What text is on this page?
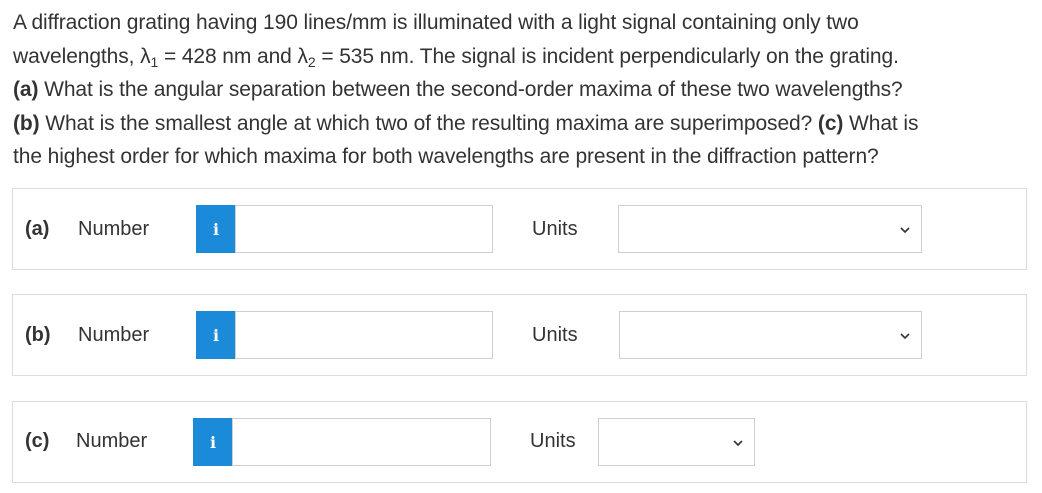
A diffraction grating having 190 lines/mm is illuminated with a light signal containing only two
wavelengths, $\lambda_1 = 428$ nm and $\lambda_2 = 535$ nm. The signal is incident perpendicularly on the grating.
(a) What is the angular separation between the second-order maxima of these two wavelengths?
(b) What is the smallest angle at which two of the resulting maxima are superimposed? (c) What is
the highest order for which maxima for both wavelengths are present in the diffraction pattern?
(a) Number	i	Units
(b) Number	i	Units
(c) Number	i	Units
